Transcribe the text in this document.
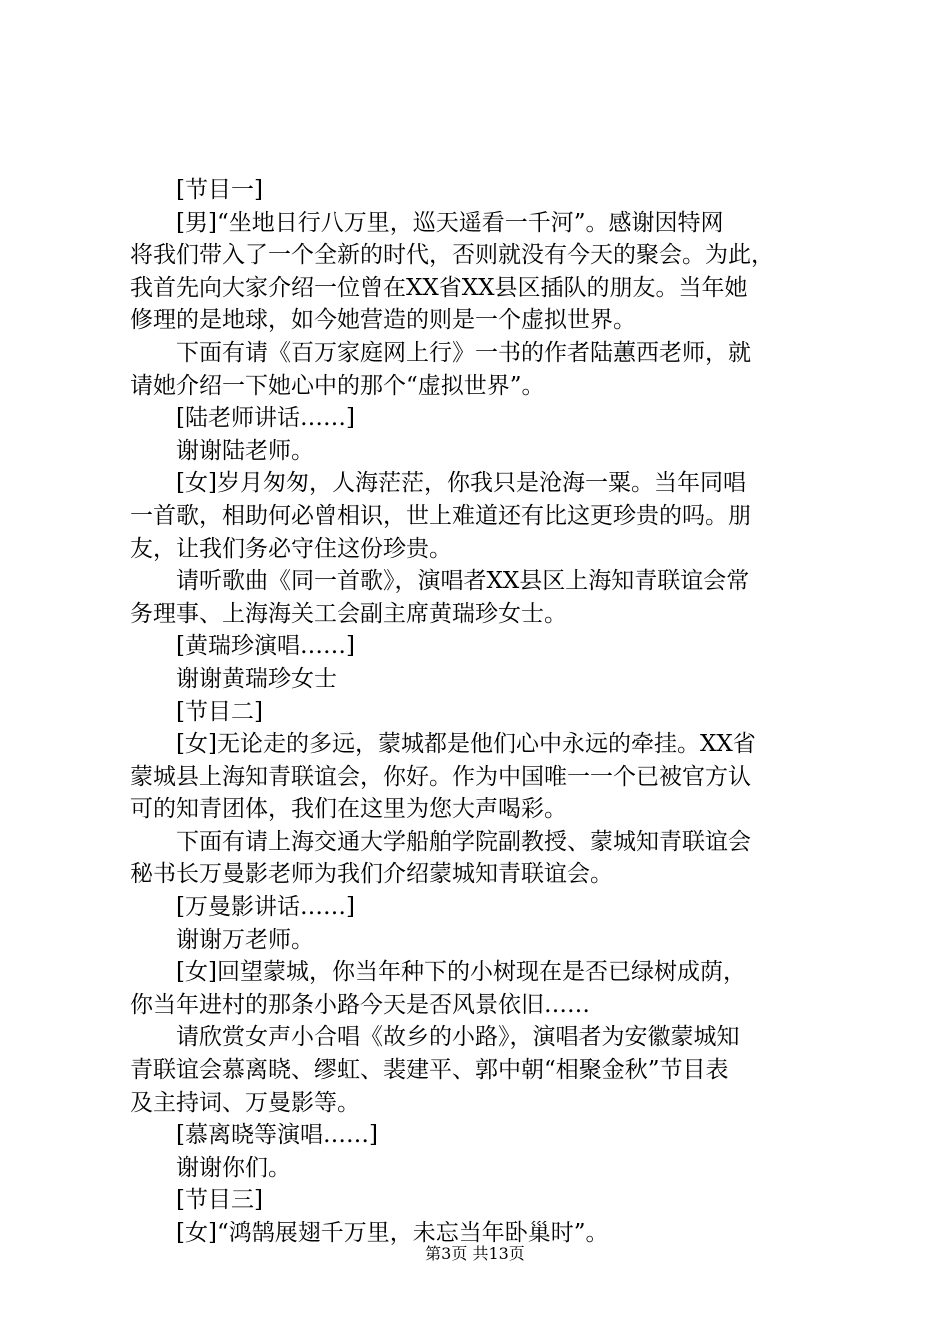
[节目一]
[男]“坐地日行八万里，巡天遥看一千河”。感谢因特网
将我们带入了一个全新的时代，否则就没有今天的聚会。为此，
我首先向大家介绍一位曾在XX省XX县区插队的朋友。当年她
修理的是地球，如今她营造的则是一个虚拟世界。
下面有请《百万家庭网上行》一书的作者陆蕙西老师，就
请她介绍一下她心中的那个“虚拟世界”。
[陆老师讲话……]
谢谢陆老师。
[女]岁月匆匆，人海茫茫，你我只是沧海一粟。当年同唱
一首歌，相助何必曾相识，世上难道还有比这更珍贵的吗。朋
友，让我们务必守住这份珍贵。
请听歌曲《同一首歌》，演唱者XX县区上海知青联谊会常
务理事、上海海关工会副主席黄瑞珍女士。
[黄瑞珍演唱……]
谢谢黄瑞珍女士
[节目二]
[女]无论走的多远，蒙城都是他们心中永远的牵挂。XX省
蒙城县上海知青联谊会，你好。作为中国唯一一个已被官方认
可的知青团体，我们在这里为您大声喝彩。
下面有请上海交通大学船舶学院副教授、蒙城知青联谊会
秘书长万曼影老师为我们介绍蒙城知青联谊会。
[万曼影讲话……]
谢谢万老师。
[女]回望蒙城，你当年种下的小树现在是否已绿树成荫，
你当年进村的那条小路今天是否风景依旧……
请欣赏女声小合唱《故乡的小路》，演唱者为安徽蒙城知
青联谊会慕离晓、缪虹、裴建平、郭中朝“相聚金秋”节目表
及主持词、万曼影等。
[慕离晓等演唱……]
谢谢你们。
[节目三]
[女]“鸿鹄展翅千万里，未忘当年卧巢时”。
第3页 共13页
